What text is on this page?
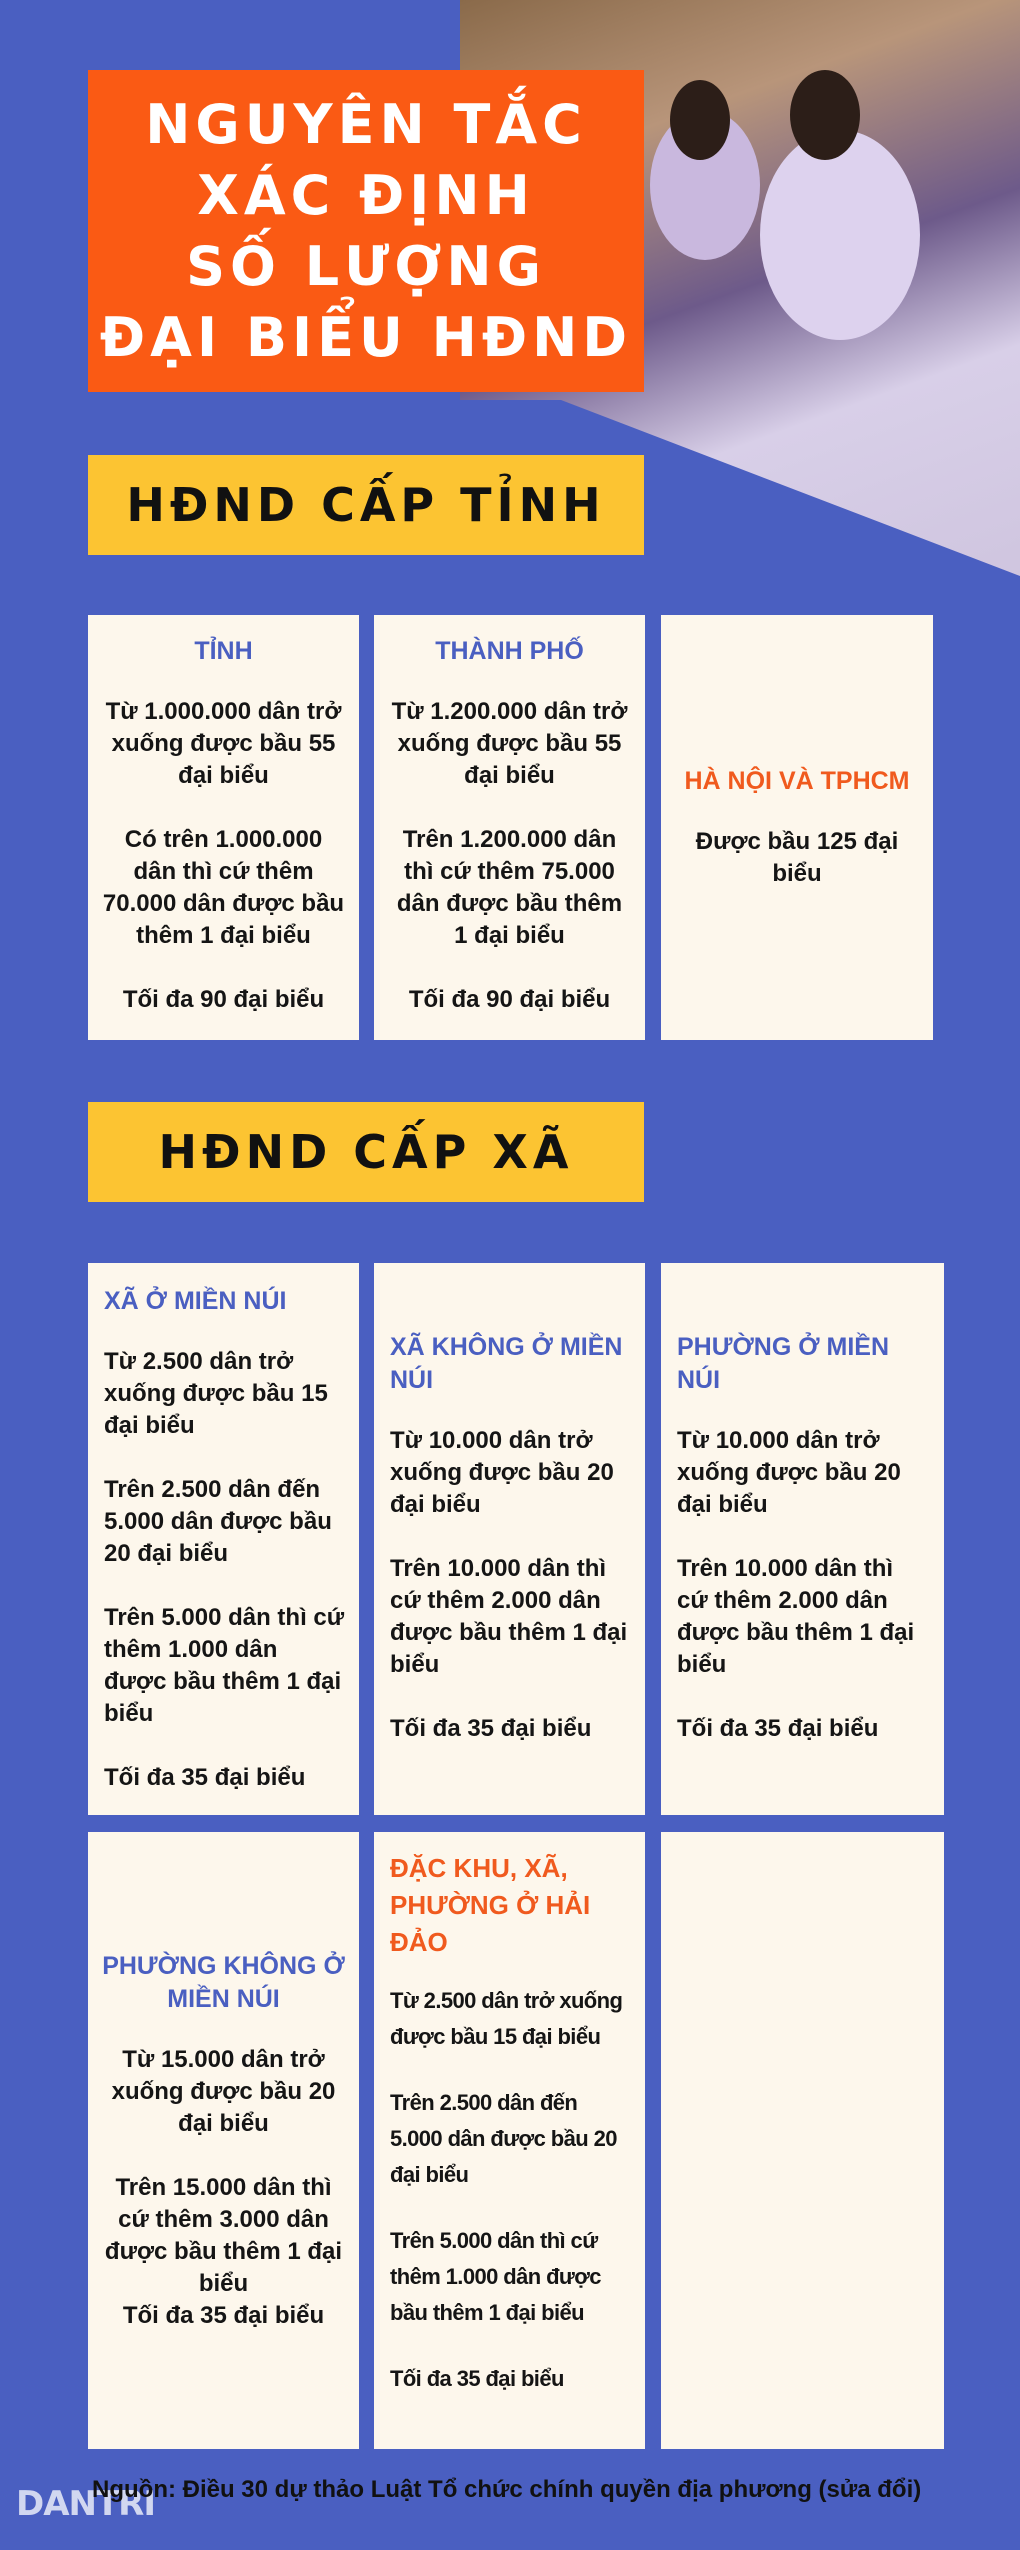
NGUYÊN TẮC
XÁC ĐỊNH
SỐ LƯỢNG
ĐẠI BIỂU HĐND
HĐND CẤP TỈNH
TỈNH
Từ 1.000.000 dân trở xuống được bầu 55 đại biểu
Có trên 1.000.000 dân thì cứ thêm 70.000 dân được bầu thêm 1 đại biểu
Tối đa 90 đại biểu
THÀNH PHỐ
Từ 1.200.000 dân trở xuống được bầu 55 đại biểu
Trên 1.200.000 dân thì cứ thêm 75.000 dân được bầu thêm 1 đại biểu
Tối đa 90 đại biểu
HÀ NỘI VÀ TPHCM
Được bầu 125 đại biểu
HĐND CẤP XÃ
XÃ Ở MIỀN NÚI
Từ 2.500 dân trở xuống được bầu 15 đại biểu
Trên 2.500 dân đến 5.000 dân được bầu 20 đại biểu
Trên 5.000 dân thì cứ thêm 1.000 dân được bầu thêm 1 đại biểu
Tối đa 35 đại biểu
XÃ KHÔNG Ở MIỀN NÚI
Từ 10.000 dân trở xuống được bầu 20 đại biểu
Trên 10.000 dân thì cứ thêm 2.000 dân được bầu thêm 1 đại biểu
Tối đa 35 đại biểu
PHƯỜNG Ở MIỀN NÚI
Từ 10.000 dân trở xuống được bầu 20 đại biểu
Trên 10.000 dân thì cứ thêm 2.000 dân được bầu thêm 1 đại biểu
Tối đa 35 đại biểu
PHƯỜNG KHÔNG Ở MIỀN NÚI
Từ 15.000 dân trở xuống được bầu 20 đại biểu
Trên 15.000 dân thì cứ thêm 3.000 dân được bầu thêm 1 đại biểu
Tối đa 35 đại biểu
ĐẶC KHU, XÃ, PHƯỜNG Ở HẢI ĐẢO
Từ 2.500 dân trở xuống được bầu 15 đại biểu
Trên 2.500 dân đến 5.000 dân được bầu 20 đại biểu
Trên 5.000 dân thì cứ thêm 1.000 dân được bầu thêm 1 đại biểu
Tối đa 35 đại biểu
DANTRI
Nguồn: Điều 30 dự thảo Luật Tổ chức chính quyền địa phương (sửa đổi)
